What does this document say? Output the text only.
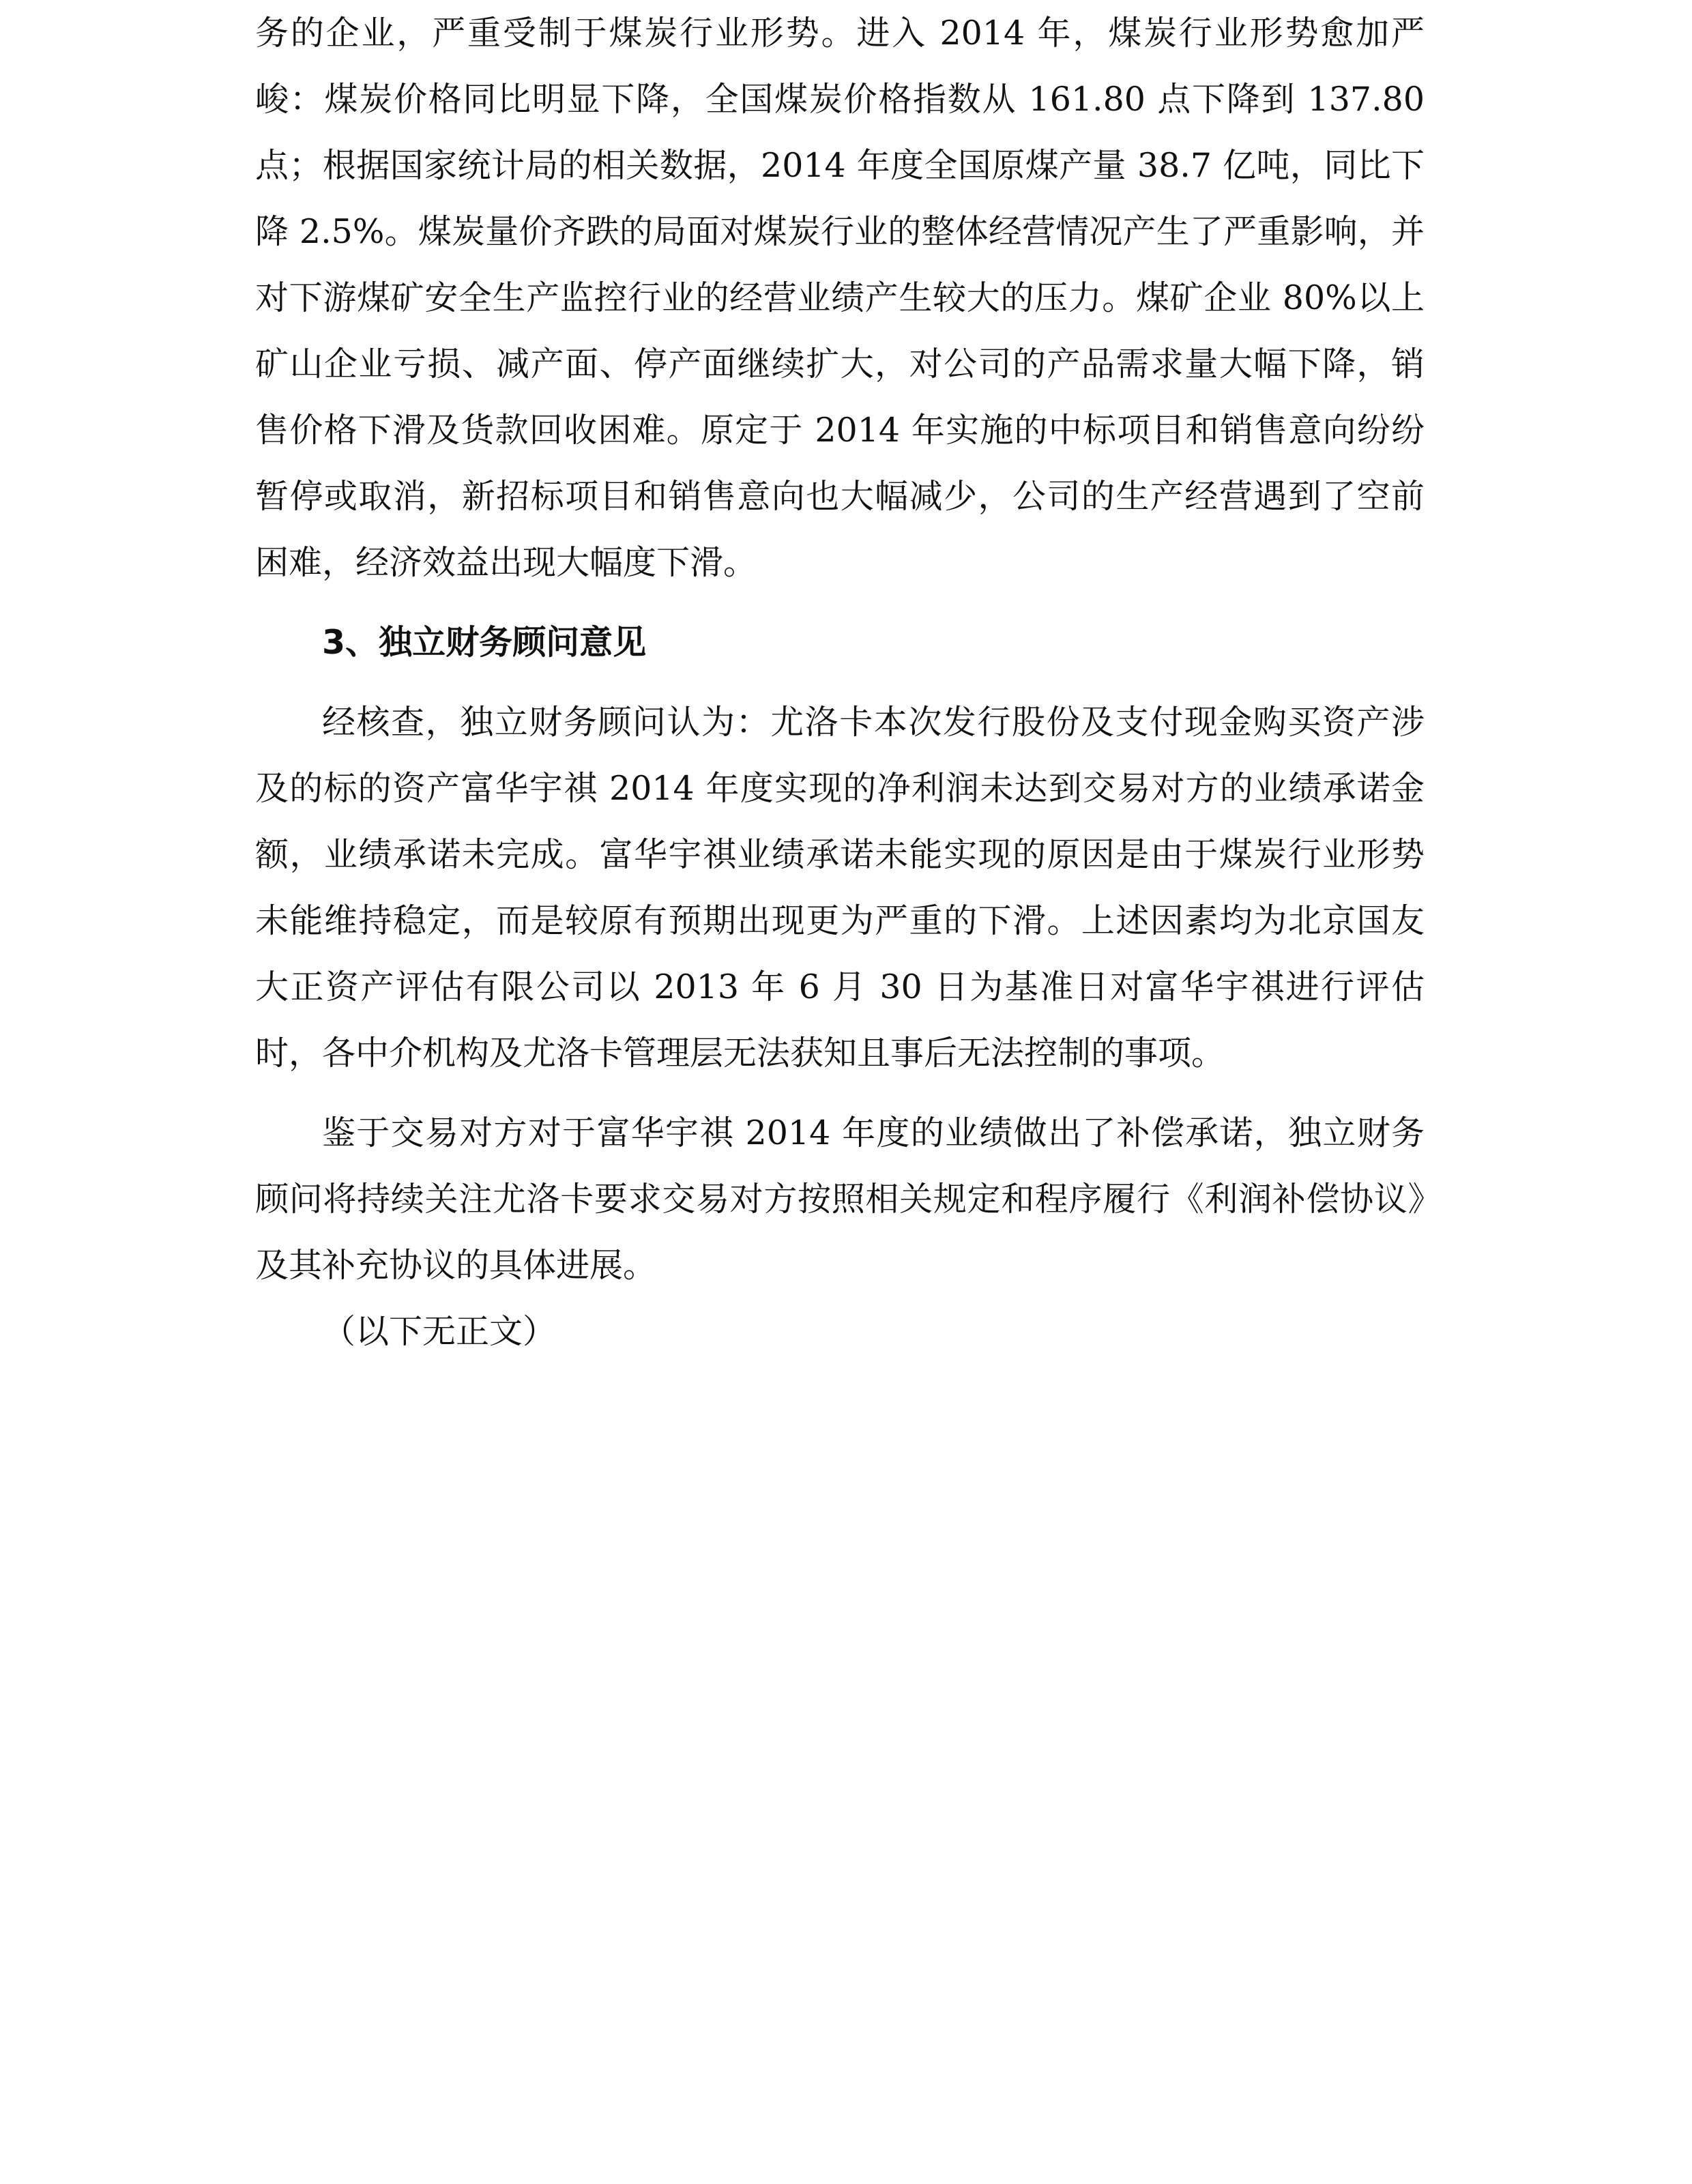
务的企业，严重受制于煤炭行业形势。进入 2014 年，煤炭行业形势愈加严峻：煤炭价格同比明显下降，全国煤炭价格指数从 161.80 点下降到 137.80 点；根据国家统计局的相关数据，2014 年度全国原煤产量 38.7 亿吨，同比下降 2.5%。煤炭量价齐跌的局面对煤炭行业的整体经营情况产生了严重影响，并对下游煤矿安全生产监控行业的经营业绩产生较大的压力。煤矿企业 80%以上矿山企业亏损、减产面、停产面继续扩大，对公司的产品需求量大幅下降，销售价格下滑及货款回收困难。原定于 2014 年实施的中标项目和销售意向纷纷暂停或取消，新招标项目和销售意向也大幅减少，公司的生产经营遇到了空前困难，经济效益出现大幅度下滑。

3、独立财务顾问意见

经核查，独立财务顾问认为：尤洛卡本次发行股份及支付现金购买资产涉及的标的资产富华宇祺 2014 年度实现的净利润未达到交易对方的业绩承诺金额，业绩承诺未完成。富华宇祺业绩承诺未能实现的原因是由于煤炭行业形势未能维持稳定，而是较原有预期出现更为严重的下滑。上述因素均为北京国友大正资产评估有限公司以 2013 年 6 月 30 日为基准日对富华宇祺进行评估时，各中介机构及尤洛卡管理层无法获知且事后无法控制的事项。

鉴于交易对方对于富华宇祺 2014 年度的业绩做出了补偿承诺，独立财务顾问将持续关注尤洛卡要求交易对方按照相关规定和程序履行《利润补偿协议》及其补充协议的具体进展。

（以下无正文）
